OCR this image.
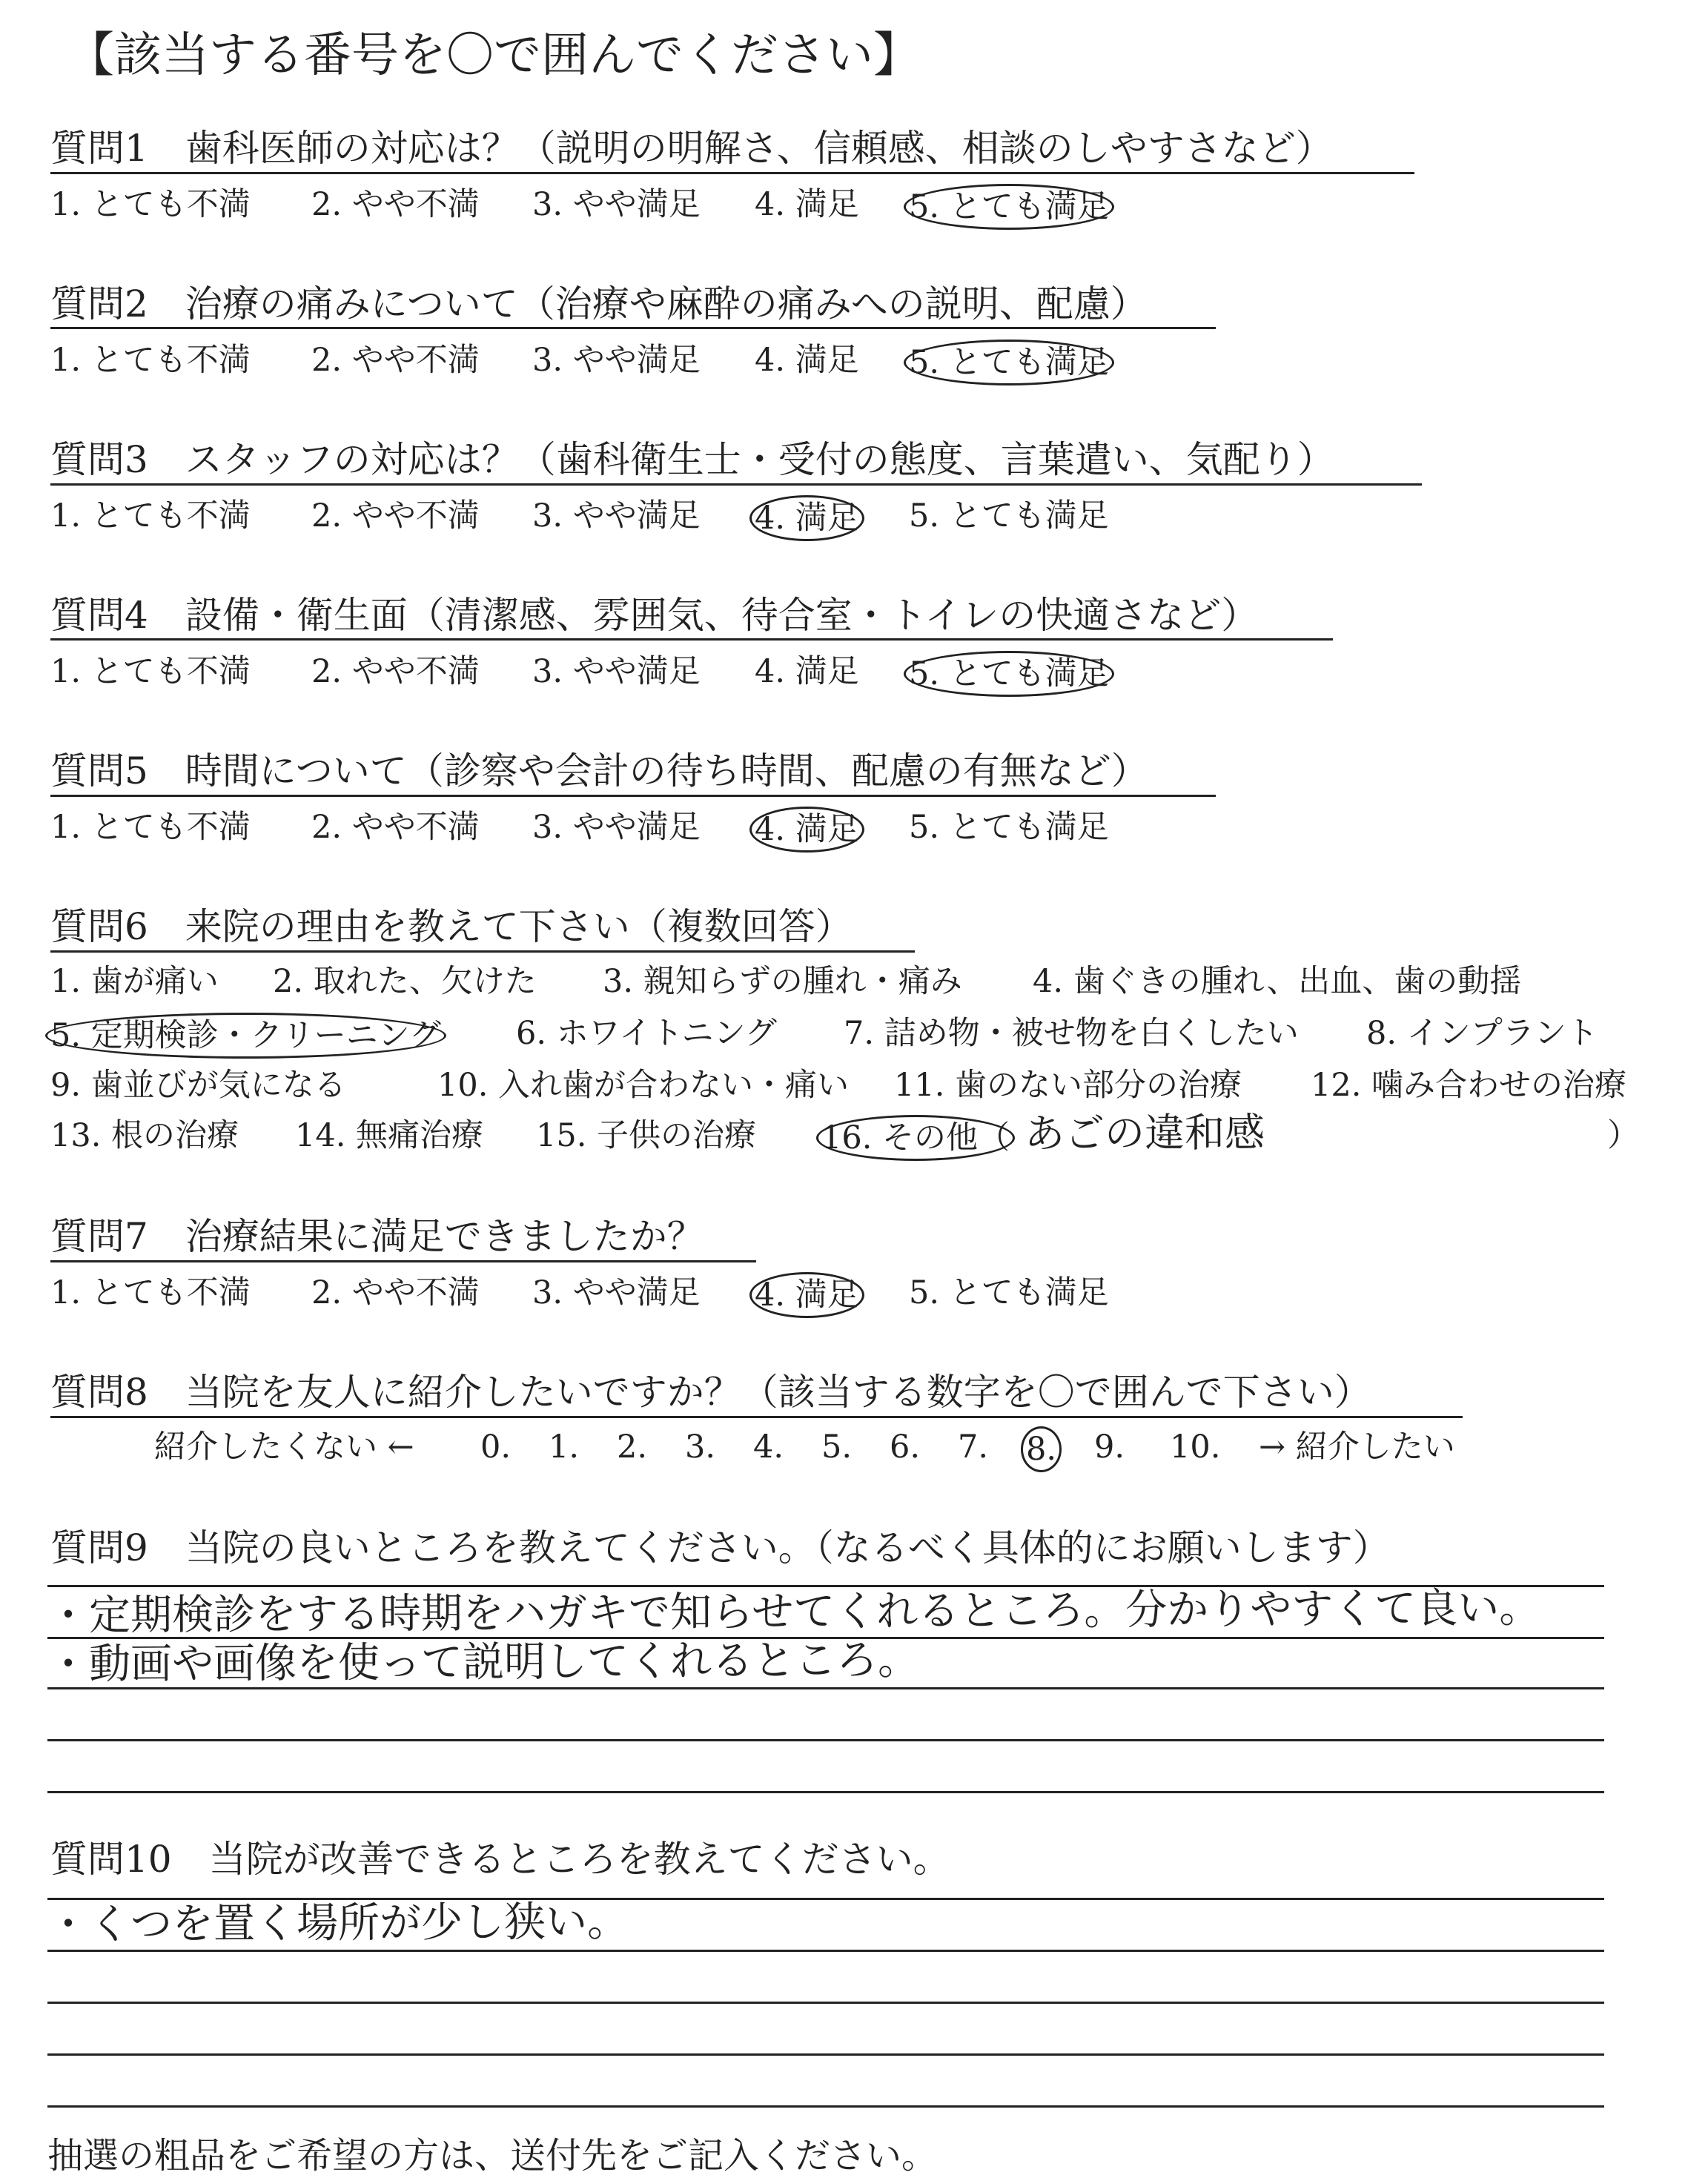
【該当する番号を〇で囲んでください】
質問1　歯科医師の対応は？（説明の明解さ、信頼感、相談のしやすさなど）
1. とても不満 2. やや不満 3. やや満足 4. 満足 5. とても満足
質問2　治療の痛みについて（治療や麻酔の痛みへの説明、配慮）
1. とても不満 2. やや不満 3. やや満足 4. 満足 5. とても満足
質問3　スタッフの対応は？（歯科衛生士・受付の態度、言葉遣い、気配り）
1. とても不満 2. やや不満 3. やや満足 4. 満足 5. とても満足
質問4　設備・衛生面（清潔感、雰囲気、待合室・トイレの快適さなど）
1. とても不満 2. やや不満 3. やや満足 4. 満足 5. とても満足
質問5　時間について（診察や会計の待ち時間、配慮の有無など）
1. とても不満 2. やや不満 3. やや満足 4. 満足 5. とても満足
質問6　来院の理由を教えて下さい（複数回答）
1. 歯が痛い 2. 取れた、欠けた 3. 親知らずの腫れ・痛み 4. 歯ぐきの腫れ、出血、歯の動揺
5. 定期検診・クリーニング 6. ホワイトニング 7. 詰め物・被せ物を白くしたい 8. インプラント
9. 歯並びが気になる	10. 入れ歯が合わない・痛い 11. 歯のない部分の治療 12. 噛み合わせの治療
13. 根の治療 14. 無痛治療 15. 子供の治療 16. その他（	）
あごの違和感
質問7　治療結果に満足できましたか？
1. とても不満 2. やや不満 3. やや満足 4. 満足 5. とても満足
質問8　当院を友人に紹介したいですか？（該当する数字を〇で囲んで下さい）
紹介したくない ← 0. 1. 2. 3. 4. 5. 6. 7. 8. 9. 10. → 紹介したい
質問9　当院の良いところを教えてください。（なるべく具体的にお願いします）
・定期検診をする時期をハガキで知らせてくれるところ。分かりやすくて良い。
・動画や画像を使って説明してくれるところ。
質問10　当院が改善できるところを教えてください。
・くつを置く場所が少し狭い。
抽選の粗品をご希望の方は、送付先をご記入ください。
